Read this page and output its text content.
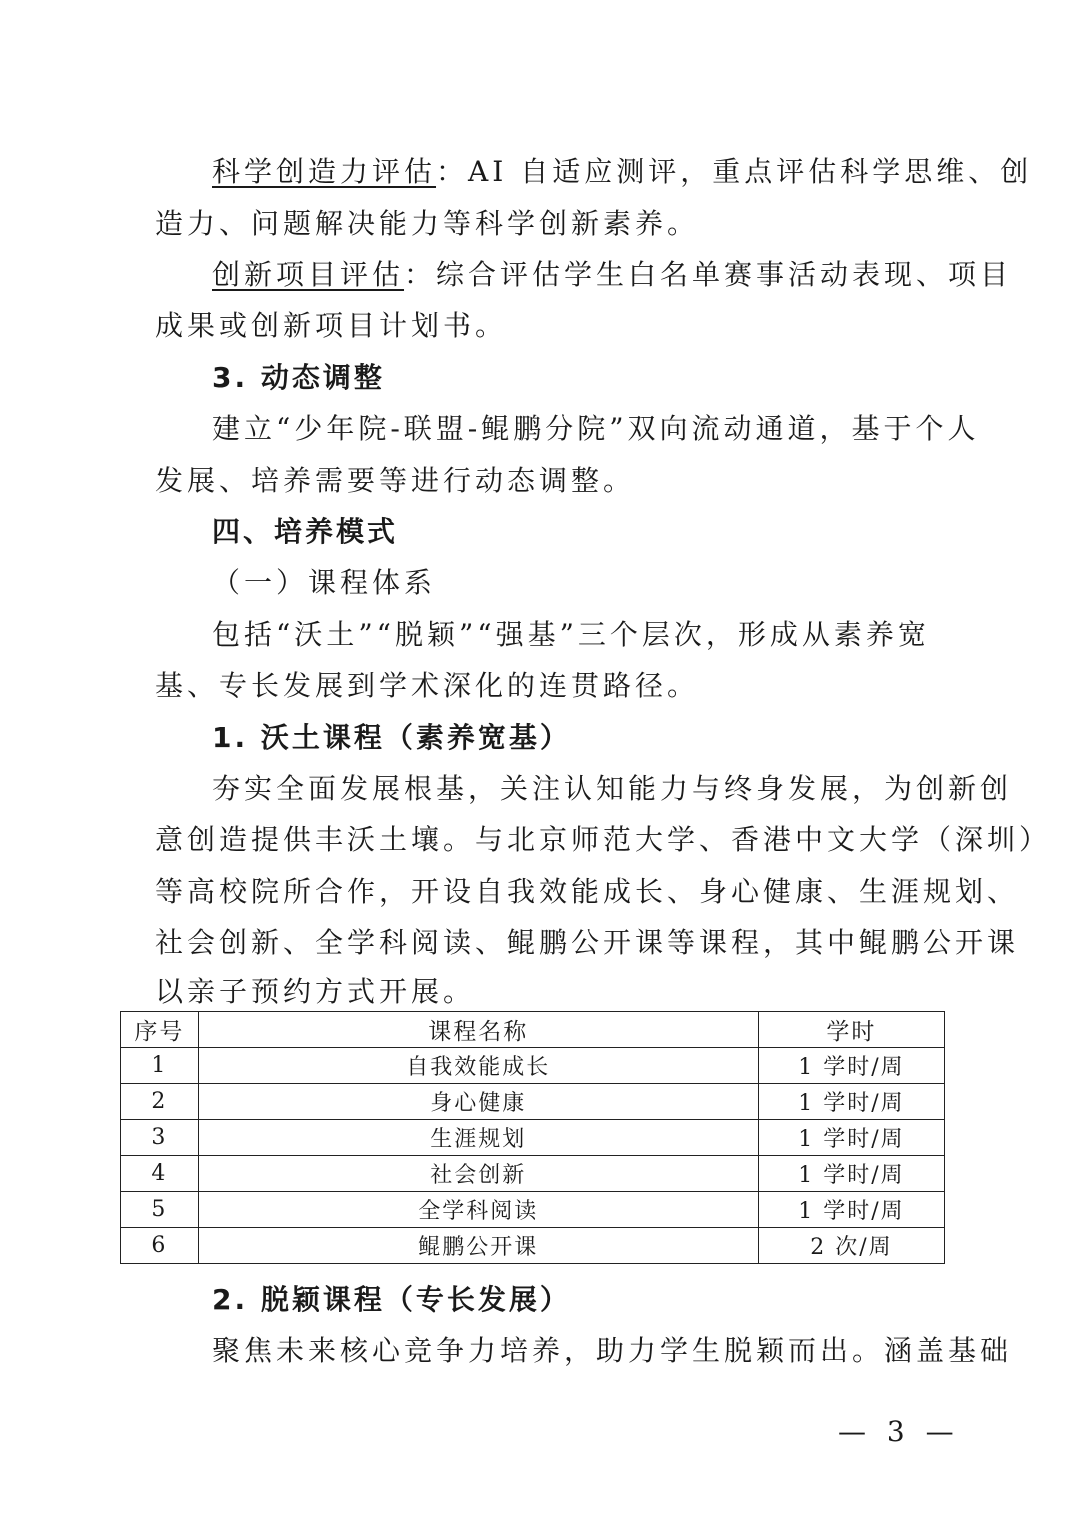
科学创造力评估：AI 自适应测评，重点评估科学思维、创

造力、问题解决能力等科学创新素养。

创新项目评估：综合评估学生白名单赛事活动表现、项目

成果或创新项目计划书。

3. 动态调整

建立“少年院-联盟-鲲鹏分院”双向流动通道，基于个人

发展、培养需要等进行动态调整。

四、培养模式

（一）课程体系

包括“沃土”“脱颖”“强基”三个层次，形成从素养宽

基、专长发展到学术深化的连贯路径。

1. 沃土课程（素养宽基）

夯实全面发展根基，关注认知能力与终身发展，为创新创

意创造提供丰沃土壤。与北京师范大学、香港中文大学（深圳）

等高校院所合作，开设自我效能成长、身心健康、生涯规划、

社会创新、全学科阅读、鲲鹏公开课等课程，其中鲲鹏公开课

以亲子预约方式开展。

序号	课程名称	学时
1	自我效能成长	1 学时/周
2	身心健康	1 学时/周
3	生涯规划	1 学时/周
4	社会创新	1 学时/周
5	全学科阅读	1 学时/周
6	鲲鹏公开课	2 次/周

2. 脱颖课程（专长发展）

聚焦未来核心竞争力培养，助力学生脱颖而出。涵盖基础

— 3 —
